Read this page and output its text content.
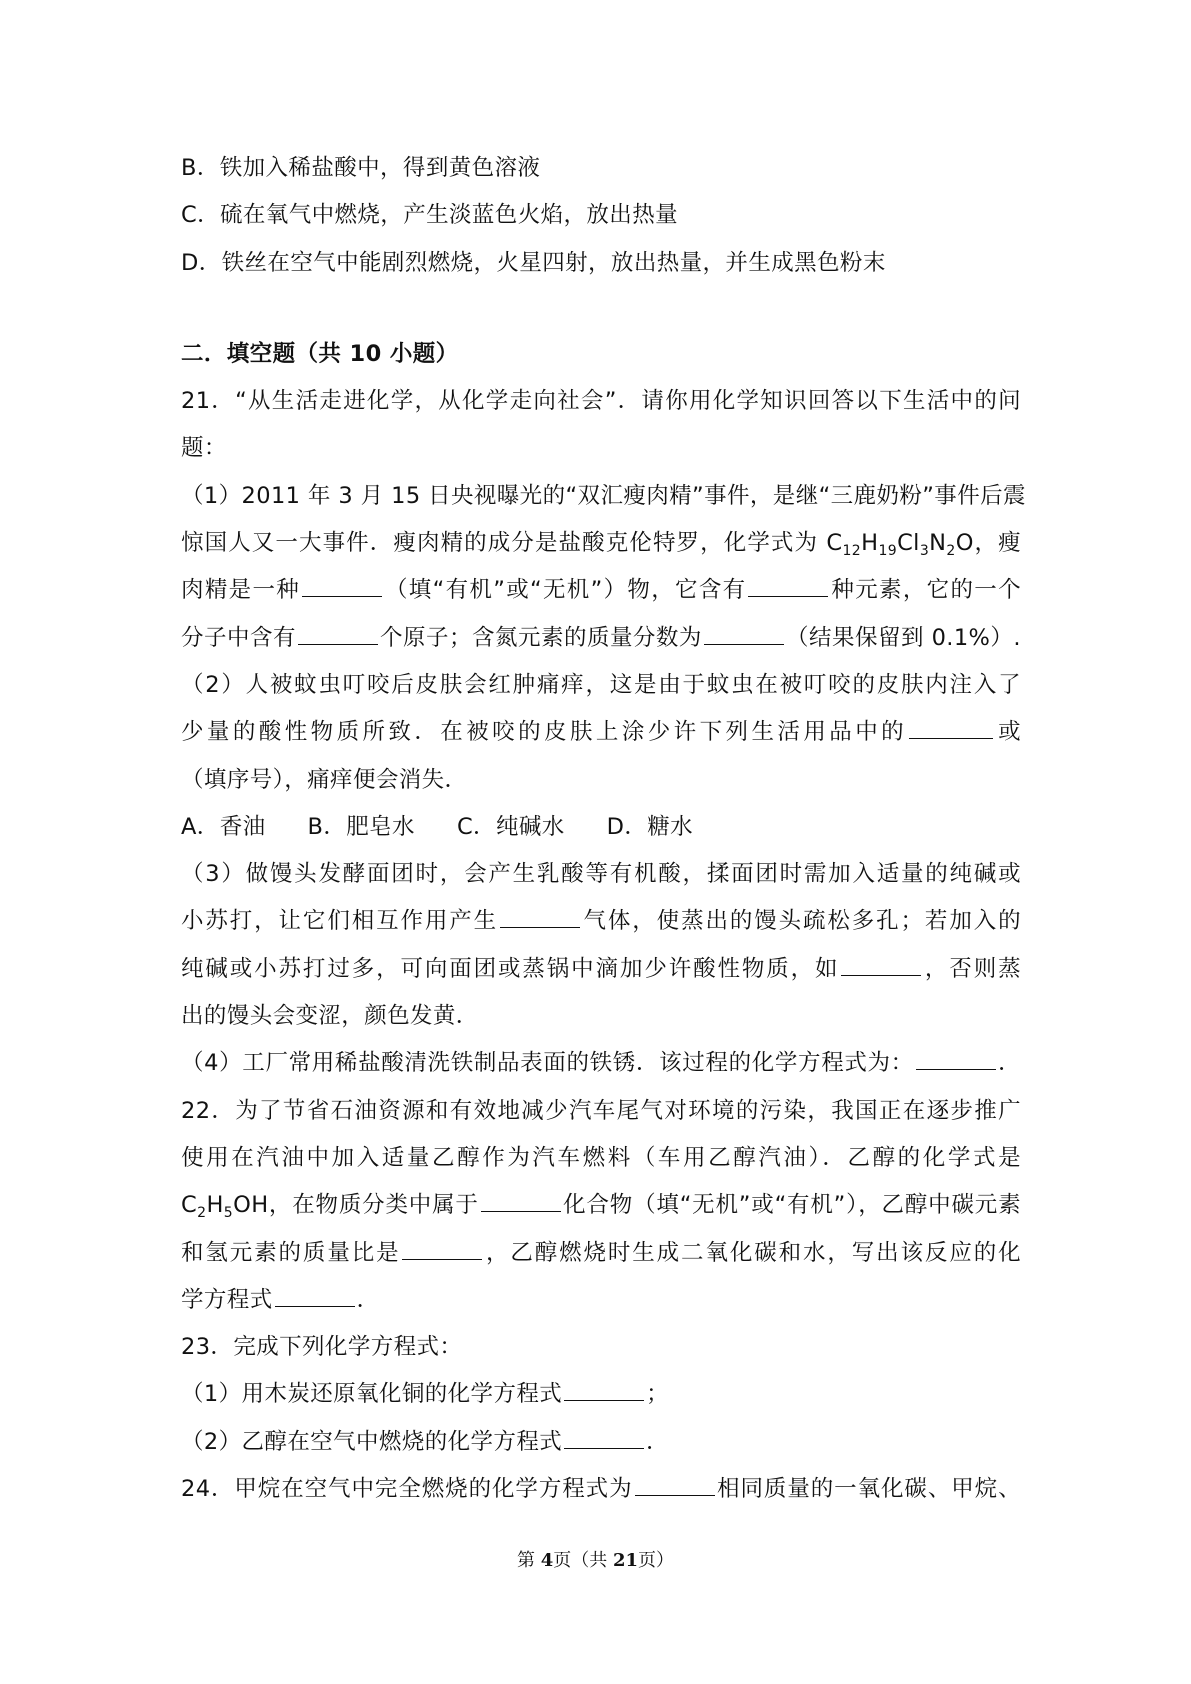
B．铁加入稀盐酸中，得到黄色溶液
C．硫在氧气中燃烧，产生淡蓝色火焰，放出热量
D．铁丝在空气中能剧烈燃烧，火星四射，放出热量，并生成黑色粉末
二．填空题（共 10 小题）
21．“从生活走进化学，从化学走向社会”．请你用化学知识回答以下生活中的问
题：
（1）2011 年 3 月 15 日央视曝光的“双汇瘦肉精”事件，是继“三鹿奶粉”事件后震
惊国人又一大事件．瘦肉精的成分是盐酸克伦特罗，化学式为 $C_{12}H_{19}Cl_3N_2O$，瘦
肉精是一种	（填“有机”或“无机”）物，它含有	种元素，它的一个
分子中含有	个原子；含氮元素的质量分数为	（结果保留到 0.1%）.
（2）人被蚊虫叮咬后皮肤会红肿痛痒，这是由于蚊虫在被叮咬的皮肤内注入了
少量的酸性物质所致．在被咬的皮肤上涂少许下列生活用品中的	或
（填序号），痛痒便会消失．
A．香油 B．肥皂水 C．纯碱水 D．糖水
（3）做馒头发酵面团时，会产生乳酸等有机酸，揉面团时需加入适量的纯碱或
小苏打，让它们相互作用产生	气体，使蒸出的馒头疏松多孔；若加入的
纯碱或小苏打过多，可向面团或蒸锅中滴加少许酸性物质，如	，否则蒸
出的馒头会变涩，颜色发黄．
（4）工厂常用稀盐酸清洗铁制品表面的铁锈．该过程的化学方程式为：	．
22．为了节省石油资源和有效地减少汽车尾气对环境的污染，我国正在逐步推广
使用在汽油中加入适量乙醇作为汽车燃料（车用乙醇汽油）．乙醇的化学式是
$C_2H_5OH$，在物质分类中属于	化合物（填“无机”或“有机”），乙醇中碳元素
和氢元素的质量比是	，乙醇燃烧时生成二氧化碳和水，写出该反应的化
学方程式	．
23．完成下列化学方程式：
（1）用木炭还原氧化铜的化学方程式	；
（2）乙醇在空气中燃烧的化学方程式	．
24．甲烷在空气中完全燃烧的化学方程式为	相同质量的一氧化碳、甲烷、
第 4页（共 21页）
